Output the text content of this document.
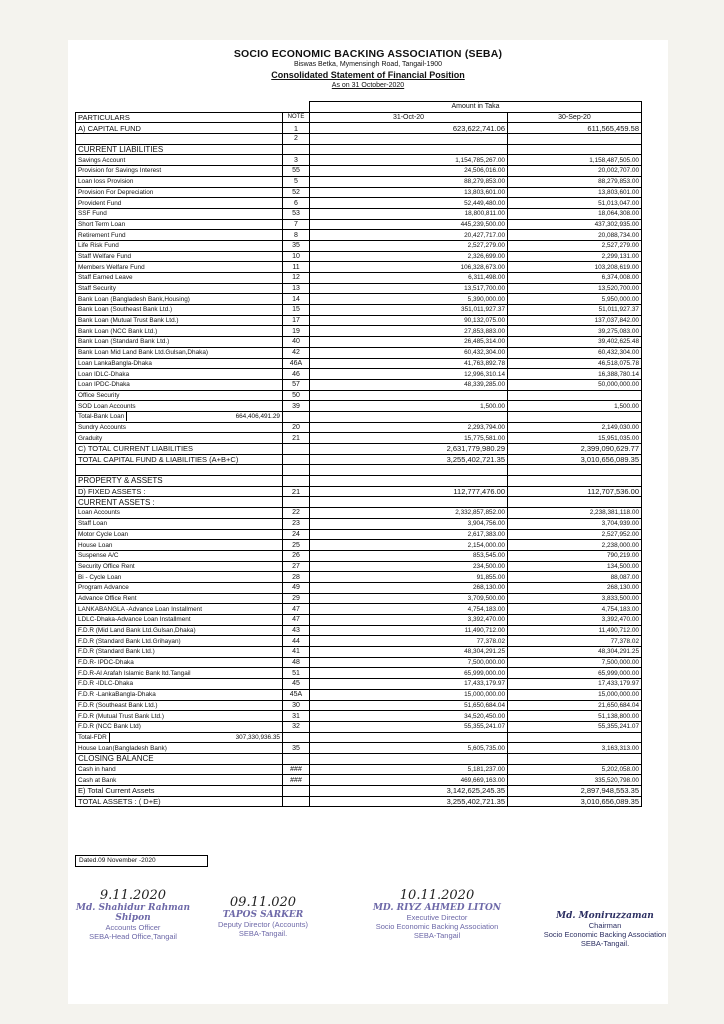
SOCIO ECONOMIC BACKING ASSOCIATION (SEBA)
Biswas Betka, Mymensingh Road, Tangail-1900
Consolidated Statement of Financial Position
As on 31 October-2020
		Amount in Taka	
PARTICULARS	NOTE	31-Oct-20	30-Sep-20
A) CAPITAL FUND	1	623,622,741.06	611,565,459.58
	2		
CURRENT LIABILITIES			
Savings Account	3	1,154,785,267.00	1,158,487,505.00
Provision for Savings Interest	55	24,506,016.00	20,002,707.00
Loan loss Provision	5	88,279,853.00	88,279,853.00
Provision For Depreciation	52	13,803,601.00	13,803,601.00
Provident Fund	6	52,449,480.00	51,013,047.00
SSF Fund	53	18,800,811.00	18,064,308.00
Short Term Loan	7	445,239,500.00	437,302,935.00
Retirement Fund	8	20,427,717.00	20,088,734.00
Life Risk Fund	35	2,527,279.00	2,527,279.00
Staff Welfare Fund	10	2,326,699.00	2,299,131.00
Members Welfare Fund	11	106,328,673.00	103,208,619.00
Staff Earned Leave	12	6,311,498.00	6,374,008.00
Staff Security	13	13,517,700.00	13,520,700.00
Bank Loan (Bangladesh Bank,Housing)	14	5,390,000.00	5,950,000.00
Bank Loan (Southeast Bank Ltd.)	15	351,011,927.37	51,011,927.37
Bank Loan (Mutual Trust Bank Ltd.)	17	90,132,075.00	137,037,842.00
Bank Loan (NCC Bank Ltd.)	19	27,853,883.00	39,275,083.00
Bank Loan (Standard Bank Ltd.)	40	26,485,314.00	39,402,625.48
Bank Loan Mid Land Bank Ltd.Gulsan,Dhaka)	42	60,432,304.00	60,432,304.00
Loan LankaBangla-Dhaka	46A	41,763,892.78	46,518,075.78
Loan IDLC-Dhaka	46	12,996,310.14	16,388,780.14
Loan IPDC-Dhaka	57	48,339,285.00	50,000,000.00
Office Security	50		
SOD Loan Accounts	39	1,500.00	1,500.00

Total-Bank Loan 664,406,491.29			

Sundry Accounts	20	2,293,794.00	2,149,030.00
Graduity	21	15,775,581.00	15,951,035.00
C) TOTAL CURRENT LIABILITIES		2,631,779,980.29	2,399,090,629.77
TOTAL CAPITAL FUND & LIABILITIES (A+B+C)		3,255,402,721.35	3,010,656,089.35

PROPERTY & ASSETS			
D) FIXED ASSETS :	21	112,777,476.00	112,707,536.00
CURRENT ASSETS :			
Loan Accounts	22	2,332,857,852.00	2,238,381,118.00
Staff Loan	23	3,904,756.00	3,704,939.00
Motor Cycle Loan	24	2,617,383.00	2,527,952.00
House Loan	25	2,154,000.00	2,238,000.00
Suspense A/C	26	853,545.00	790,219.00
Security Office Rent	27	234,500.00	134,500.00
Bi - Cycle Loan	28	91,855.00	88,087.00
Program Advance	49	268,130.00	268,130.00
Advance Office Rent	29	3,709,500.00	3,833,500.00
LANKABANGLA -Advance Loan Installment	47	4,754,183.00	4,754,183.00
LDLC-Dhaka-Advance Loan Installment	47	3,392,470.00	3,392,470.00
F.D.R (Mid Land Bank Ltd.Gulsan,Dhaka)	43	11,490,712.00	11,490,712.00
F.D.R (Standard Bank Ltd.Grihayan)	44	77,378.02	77,378.02
F.D.R (Standard Bank Ltd.)	41	48,304,291.25	48,304,291.25
F.D.R- IPDC-Dhaka	48	7,500,000.00	7,500,000.00
F.D.R-Al Arafah Islamic Bank ltd.Tangail	51	65,999,000.00	65,999,000.00
F.D.R -IDLC-Dhaka	45	17,433,179.97	17,433,179.97
F.D.R -LankaBangla-Dhaka	45A	15,000,000.00	15,000,000.00
F.D.R (Southeast Bank Ltd.)	30	51,650,684.04	21,650,684.04
F.D.R (Mutual Trust Bank Ltd.)	31	34,520,450.00	51,138,800.00
F.D.R (NCC Bank Ltd)	32	55,355,241.07	55,355,241.07

Total-FDR 307,330,936.35			

House Loan(Bangladesh Bank)	35	5,605,735.00	3,163,313.00
CLOSING BALANCE			
Cash in hand	###	5,181,237.00	5,202,058.00
Cash at Bank	###	469,669,163.00	335,520,798.00
E) Total Current Assets		3,142,625,245.35	2,897,948,553.35
TOTAL ASSETS : ( D+E)		3,255,402,721.35	3,010,656,089.35
Dated.09 November -2020
9.11.2020
Md. Shahidur Rahman Shipon
Accounts Officer
SEBA-Head Office,Tangail
09.11.020
TAPOS SARKER
Deputy Director (Accounts)
SEBA-Tangail.
10.11.2020
MD. RIYZ AHMED LITON
Executive Director
Socio Economic Backing Association
SEBA-Tangail
Md. Moniruzzaman
Chairman
Socio Economic Backing Association
SEBA-Tangail.
